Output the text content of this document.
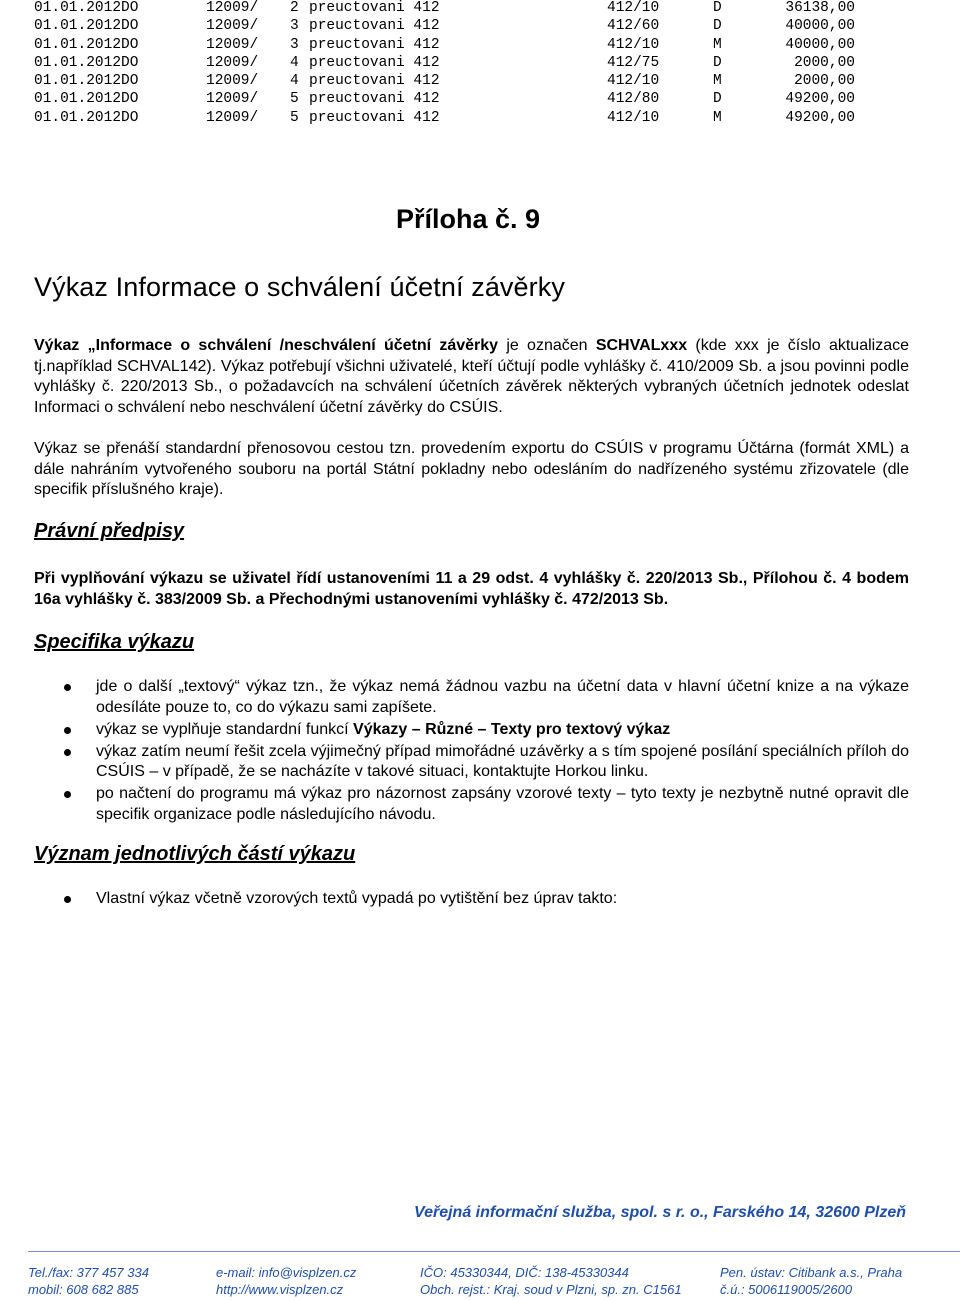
01.01.2012 DO	12009/ 2 preuctovani 412	412/10	D	36138,00
01.01.2012 DO	12009/ 3 preuctovani 412	412/60	D	40000,00
01.01.2012 DO	12009/ 3 preuctovani 412	412/10	M	40000,00
01.01.2012 DO	12009/ 4 preuctovani 412	412/75	D	2000,00
01.01.2012 DO	12009/ 4 preuctovani 412	412/10	M	2000,00
01.01.2012 DO	12009/ 5 preuctovani 412	412/80	D	49200,00
01.01.2012 DO	12009/ 5 preuctovani 412	412/10	M	49200,00
Příloha č. 9
Výkaz Informace o schválení účetní závěrky

Výkaz „Informace o schválení /neschválení účetní závěrky je označen SCHVALxxx (kde xxx je číslo aktualizace tj.například SCHVAL142). Výkaz potřebují všichni uživatelé, kteří účtují podle vyhlášky č. 410/2009 Sb. a jsou povinni podle vyhlášky č. 220/2013 Sb., o požadavcích na schválení účetních závěrek některých vybraných účetních jednotek odeslat Informaci o schválení nebo neschválení účetní závěrky do CSÚIS.

Výkaz se přenáší standardní přenosovou cestou tzn. provedením exportu do CSÚIS v programu Účtárna (formát XML) a dále nahráním vytvořeného souboru na portál Státní pokladny nebo odesláním do nadřízeného systému zřizovatele (dle specifik příslušného kraje).

Právní předpisy

Při vyplňování výkazu se uživatel řídí ustanoveními 11 a 29 odst. 4 vyhlášky č. 220/2013 Sb., Přílohou č. 4 bodem 16a vyhlášky č. 383/2009 Sb. a Přechodnými ustanoveními vyhlášky č. 472/2013 Sb.

Specifika výkazu
jde o další „textový“ výkaz tzn., že výkaz nemá žádnou vazbu na účetní data v hlavní účetní knize a na výkaze odesíláte pouze to, co do výkazu sami zapíšete.
výkaz se vyplňuje standardní funkcí Výkazy – Různé – Texty pro textový výkaz
výkaz zatím neumí řešit zcela výjimečný případ mimořádné uzávěrky a s tím spojené posílání speciálních příloh do CSÚIS – v případě, že se nacházíte v takové situaci, kontaktujte Horkou linku.
po načtení do programu má výkaz pro názornost zapsány vzorové texty – tyto texty je nezbytně nutné opravit dle specifik organizace podle následujícího návodu.
Význam jednotlivých částí výkazu
Vlastní výkaz včetně vzorových textů vypadá po vytištění bez úprav takto:
Veřejná informační služba, spol. s r. o., Farského 14, 32600 Plzeň
Tel./fax: 377 457 334
mobil: 608 682 885
e-mail: info@visplzen.cz
http://www.visplzen.cz
IČO: 45330344, DIČ: 138-45330344
Obch. rejst.: Kraj. soud v Plzni, sp. zn. C1561
Pen. ústav: Citibank a.s., Praha
č.ú.: 5006119005/2600
